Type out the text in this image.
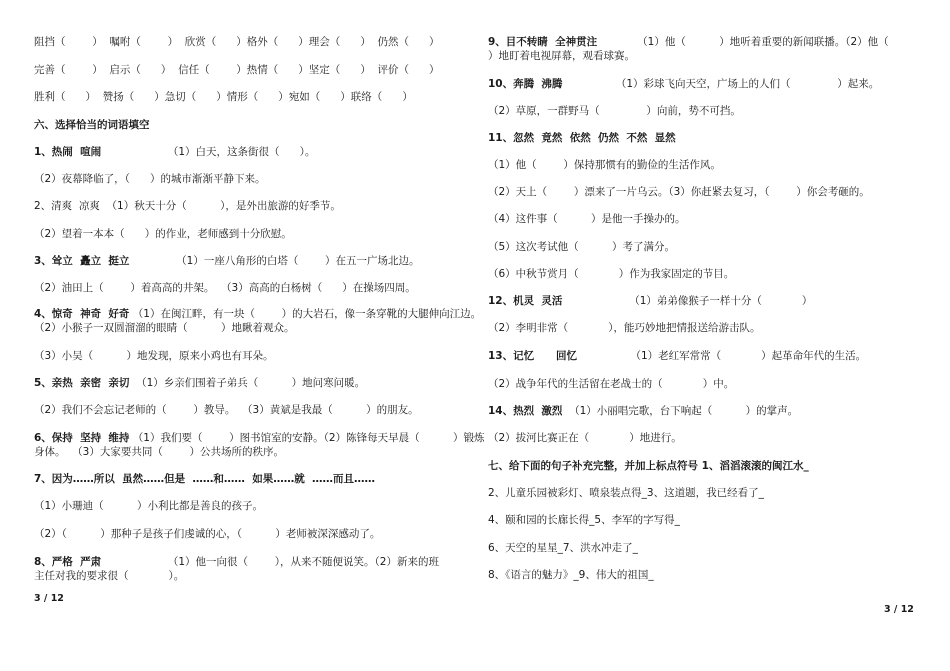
阻挡（        ）  嘱咐（        ）  欣赏（      ）格外（      ）理会（      ）  仍然（      ）
完善（        ）  启示（      ）  信任（        ）热情（      ）坚定（      ）  评价（      ）
胜利（      ）  赞扬（      ）急切（      ）情形（      ）宛如（      ）联络（      ）
六、选择恰当的词语填空
1、热闹  喧闹                    （1）白天，这条街很（      ）。
（2）夜幕降临了，（      ）的城市渐渐平静下来。
2、清爽  凉爽  （1）秋天十分（          ），是外出旅游的好季节。
（2）望着一本本（      ）的作业，老师感到十分欣慰。
3、耸立  矗立  挺立              （1）一座八角形的白塔（        ）在五一广场北边。
（2）油田上（        ）着高高的井架。  （3）高高的白杨树（      ）在操场四周。
4、惊奇  神奇  好奇 （1）在闽江畔，有一块（        ）的大岩石，像一条穿靴的大腿伸向江边。
（2）小猴子一双圆溜溜的眼睛（          ）地瞅着观众。
（3）小吴（          ）地发现，原来小鸡也有耳朵。
5、亲热  亲密  亲切  （1）乡亲们围着子弟兵（          ）地问寒问暖。
（2）我们不会忘记老师的（        ）教导。  （3）黄斌是我最（          ）的朋友。
6、保持  坚持  维持 （1）我们要（        ）图书馆室的安静。（2）陈锋每天早晨（          ）锻炼
身体。  （3）大家要共同（        ）公共场所的秩序。
7、因为……所以  虽然……但是  ……和……  如果……就  ……而且……
（1）小珊迪（          ）小利比都是善良的孩子。
（2）（          ）那种子是孩子们虔诚的心，（          ）老师被深深感动了。
8、严格  严肃                    （1）他一向很（        ），从来不随便说笑。（2）新来的班
主任对我的要求很（            ）。
9、目不转睛  全神贯注            （1）他（          ）地听着重要的新闻联播。（2）他（
）地盯着电视屏幕，观看球赛。
10、奔腾  沸腾                （1）彩球飞向天空，广场上的人们（              ）起来。
（2）草原，一群野马（              ）向前，势不可挡。
11、忽然  竟然  依然  仍然  不然  显然
（1）他（        ）保持那惯有的勤俭的生活作风。
（2）天上（        ）漂来了一片乌云。（3）你赶紧去复习，（        ）你会考砸的。
（4）这件事（          ）是他一手操办的。
（5）这次考试他（          ）考了满分。
（6）中秋节赏月（            ）作为我家固定的节目。
12、机灵  灵活                    （1）弟弟像猴子一样十分（            ）
（2）李明非常（            ），能巧妙地把情报送给游击队。
13、记忆      回忆                （1）老红军常常（            ）起革命年代的生活。
（2）战争年代的生活留在老战士的（            ）中。
14、热烈  激烈  （1）小丽唱完歌，台下响起（          ）的掌声。
（2）拔河比赛正在（            ）地进行。
七、给下面的句子补充完整，并加上标点符号 1、滔滔滚滚的闽江水_
2、儿童乐园被彩灯、喷泉装点得_3、这道题，我已经看了_
4、颐和园的长廊长得_5、李军的字写得_
6、天空的星星_7、洪水冲走了_
8、《语言的魅力》_9、伟大的祖国_
3 / 12
3 / 12
